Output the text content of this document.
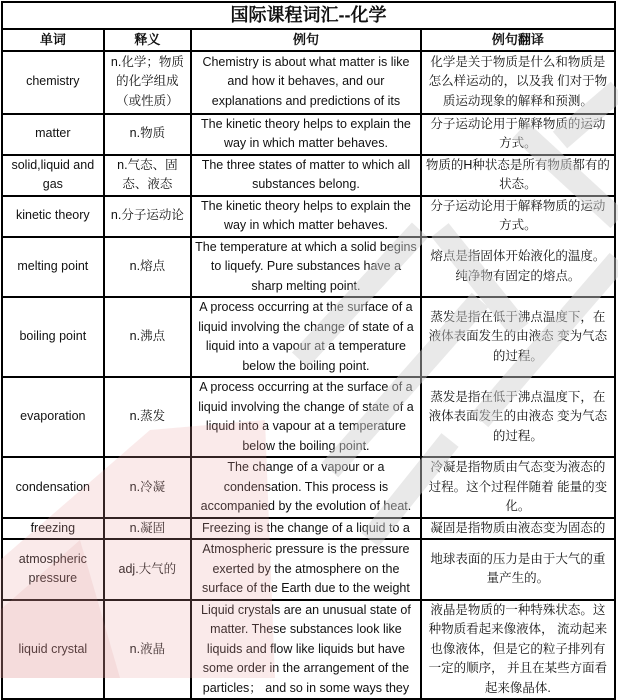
国际课程词汇--化学			
单词	释义	例句	例句翻译
chemistry	n.化学；物质的化学组成（或性质）	Chemistry is about what matter is like and how it behaves, and our explanations and predictions of its	化学是关于物质是什么和物质是怎么样运动的，以及我 们对于物质运动现象的解释和预测。
matter	n.物质	The kinetic theory helps to explain the way in which matter behaves.	分子运动论用于解释物质的运动方式。
solid,liquid and gas	n.气态、固态、液态	The three states of matter to which all substances belong.	物质的H种状态是所有物质都有的状态。
kinetic theory	n.分子运动论	The kinetic theory helps to explain the way in which matter behaves.	分子运动论用于解释物质的运动方式。
melting point	n.熔点	The temperature at which a solid begins to liquefy. Pure substances have a sharp melting point.	熔点是指固体开始液化的温度。纯净物有固定的熔点。
boiling point	n.沸点	A process occurring at the surface of a liquid involving the change of state of a liquid into a vapour at a temperature below the boiling point.	蒸发是指在低于沸点温度下，在液体表面发生的由液态 变为气态的过程。
evaporation	n.蒸发	A process occurring at the surface of a liquid involving the change of state of a liquid into a vapour at a temperature below the boiling point.	蒸发是指在低于沸点温度下，在液体表面发生的由液态 变为气态的过程。
condensation	n.冷凝	The change of a vapour or a condensation. This process is accompanied by the evolution of heat.	冷凝是指物质由气态变为液态的过程。这个过程伴随着 能量的变化。
freezing	n.凝固	Freezing is the change of a liquid to a	凝固是指物质由液态变为固态的
atmospheric pressure	adj.大气的	Atmospheric pressure is the pressure exerted by the atmosphere on the surface of the Earth due to the weight	地球表面的压力是由于大气的重量产生的。
liquid crystal	n.液晶	Liquid crystals are an unusual state of matter. These substances look like liquids and flow like liquids but have some order in the arrangement of the particles； and so in some ways they	液晶是物质的一种特殊状态。这种物质看起来像液体， 流动起来也像液体，但是它的粒子排列有一定的顺序， 并且在某些方面看起来像晶体.
